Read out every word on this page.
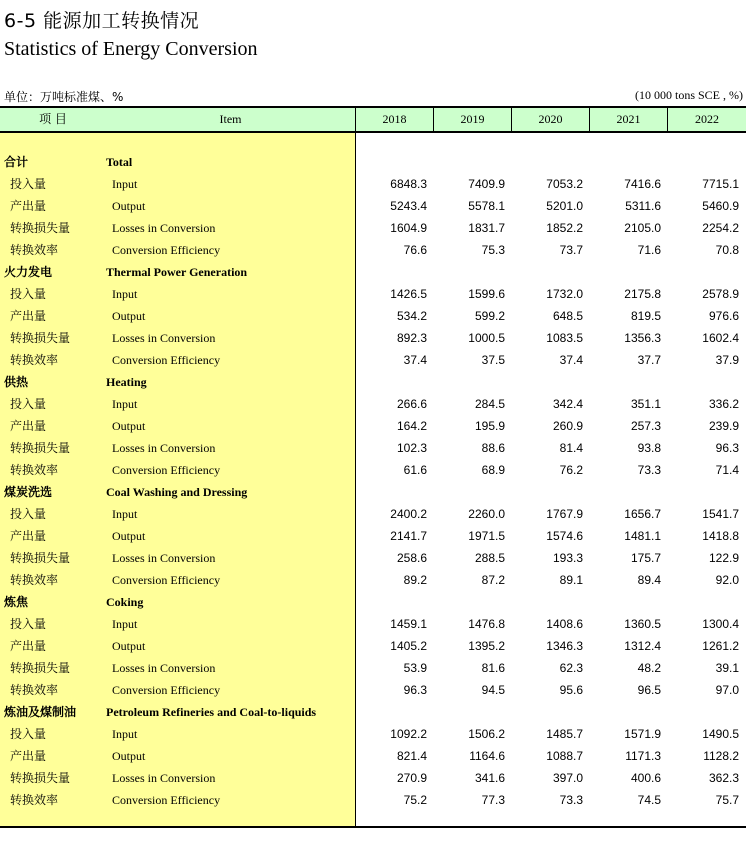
6-5 能源加工转换情况
Statistics of Energy Conversion
单位：万吨标准煤、%	(10 000 tons SCE , %)
项 目	Item	2018	2019	2020	2021	2022
合计	Total
投入量	Input	6848.3	7409.9	7053.2	7416.6	7715.1
产出量	Output	5243.4	5578.1	5201.0	5311.6	5460.9
转换损失量	Losses in Conversion	1604.9	1831.7	1852.2	2105.0	2254.2
转换效率	Conversion Efficiency	76.6	75.3	73.7	71.6	70.8
火力发电	Thermal Power Generation
投入量	Input	1426.5	1599.6	1732.0	2175.8	2578.9
产出量	Output	534.2	599.2	648.5	819.5	976.6
转换损失量	Losses in Conversion	892.3	1000.5	1083.5	1356.3	1602.4
转换效率	Conversion Efficiency	37.4	37.5	37.4	37.7	37.9
供热	Heating
投入量	Input	266.6	284.5	342.4	351.1	336.2
产出量	Output	164.2	195.9	260.9	257.3	239.9
转换损失量	Losses in Conversion	102.3	88.6	81.4	93.8	96.3
转换效率	Conversion Efficiency	61.6	68.9	76.2	73.3	71.4
煤炭洗选	Coal Washing and Dressing
投入量	Input	2400.2	2260.0	1767.9	1656.7	1541.7
产出量	Output	2141.7	1971.5	1574.6	1481.1	1418.8
转换损失量	Losses in Conversion	258.6	288.5	193.3	175.7	122.9
转换效率	Conversion Efficiency	89.2	87.2	89.1	89.4	92.0
炼焦	Coking
投入量	Input	1459.1	1476.8	1408.6	1360.5	1300.4
产出量	Output	1405.2	1395.2	1346.3	1312.4	1261.2
转换损失量	Losses in Conversion	53.9	81.6	62.3	48.2	39.1
转换效率	Conversion Efficiency	96.3	94.5	95.6	96.5	97.0
炼油及煤制油 Petroleum Refineries and Coal-to-liquids
投入量	Input	1092.2	1506.2	1485.7	1571.9	1490.5
产出量	Output	821.4	1164.6	1088.7	1171.3	1128.2
转换损失量	Losses in Conversion	270.9	341.6	397.0	400.6	362.3
转换效率	Conversion Efficiency	75.2	77.3	73.3	74.5	75.7
